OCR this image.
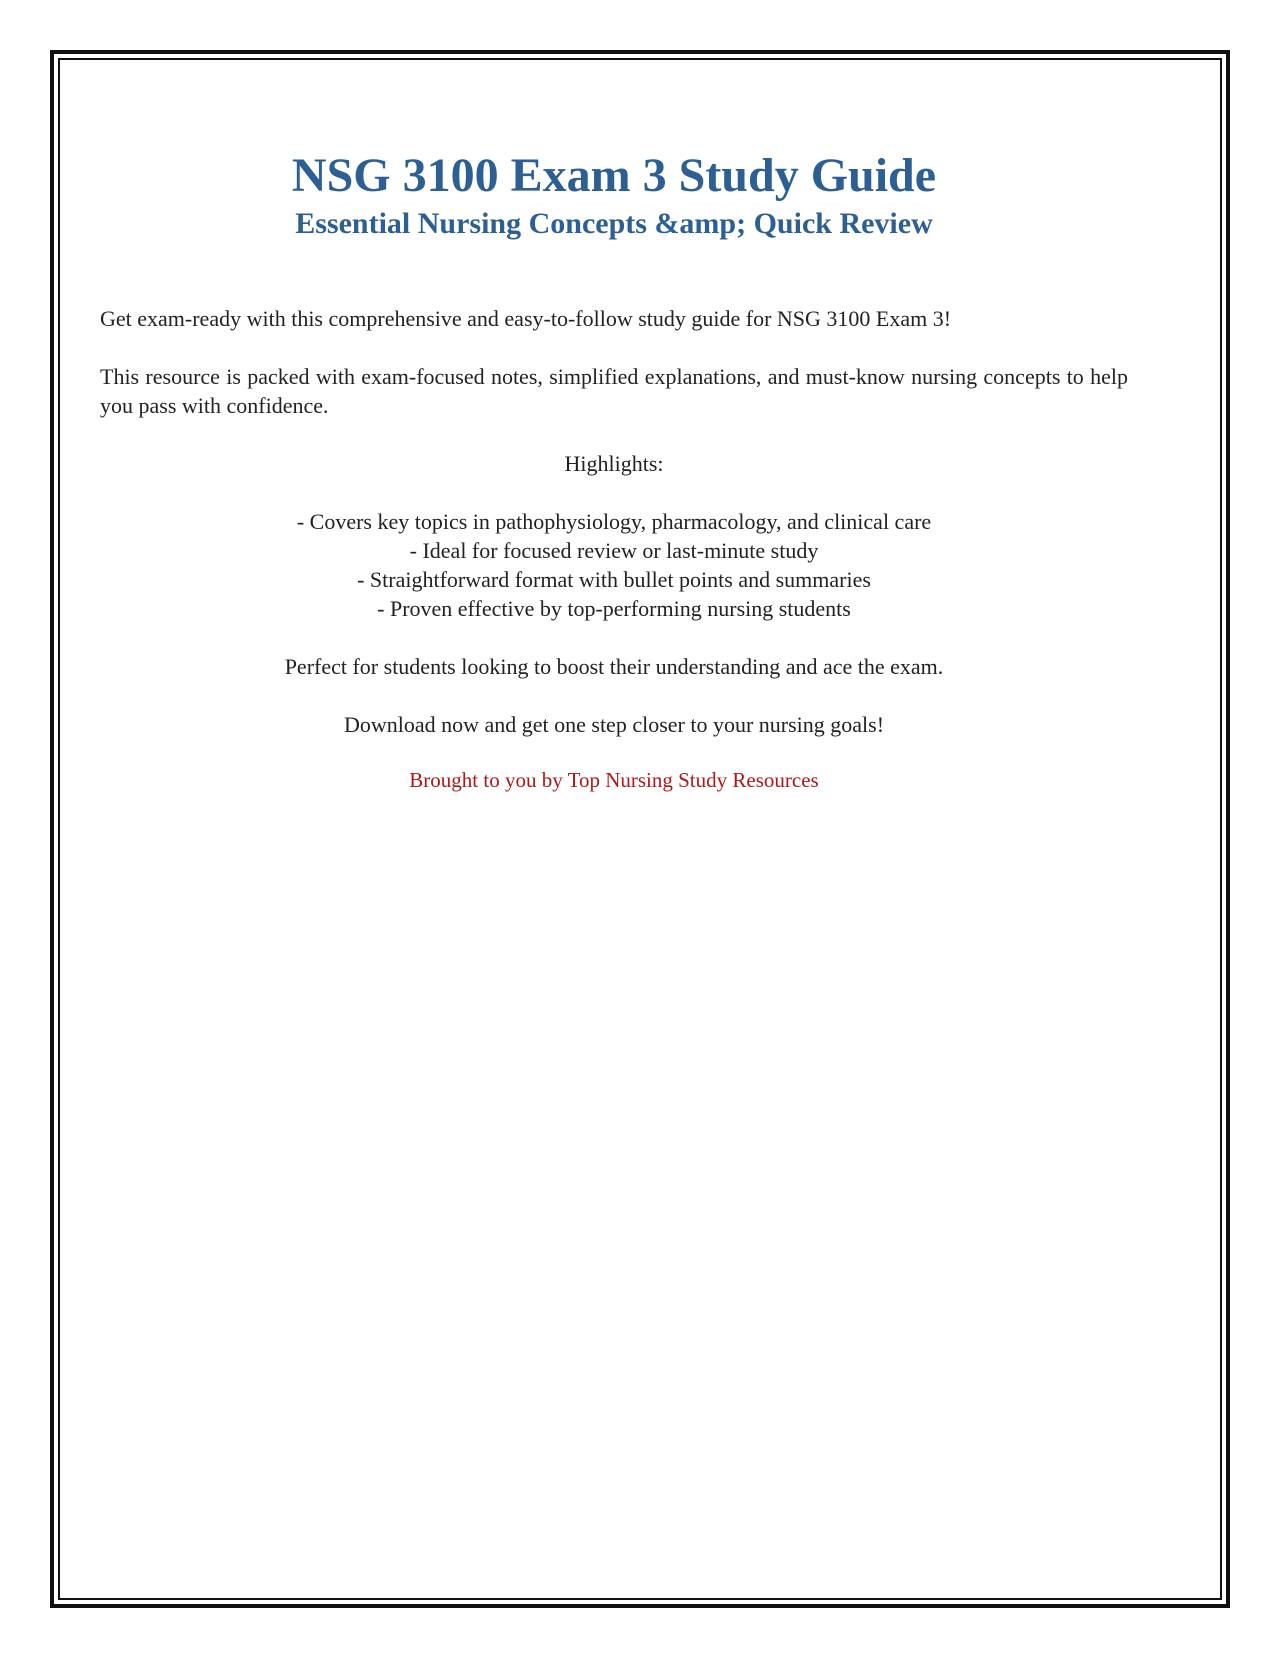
NSG 3100 Exam 3 Study Guide
Essential Nursing Concepts &amp; Quick Review

Get exam-ready with this comprehensive and easy-to-follow study guide for NSG 3100 Exam 3!

This resource is packed with exam-focused notes, simplified explanations, and must-know nursing concepts to help you pass with confidence.

Highlights:

- Covers key topics in pathophysiology, pharmacology, and clinical care
- Ideal for focused review or last-minute study
- Straightforward format with bullet points and summaries
- Proven effective by top-performing nursing students

Perfect for students looking to boost their understanding and ace the exam.

Download now and get one step closer to your nursing goals!

Brought to you by Top Nursing Study Resources
